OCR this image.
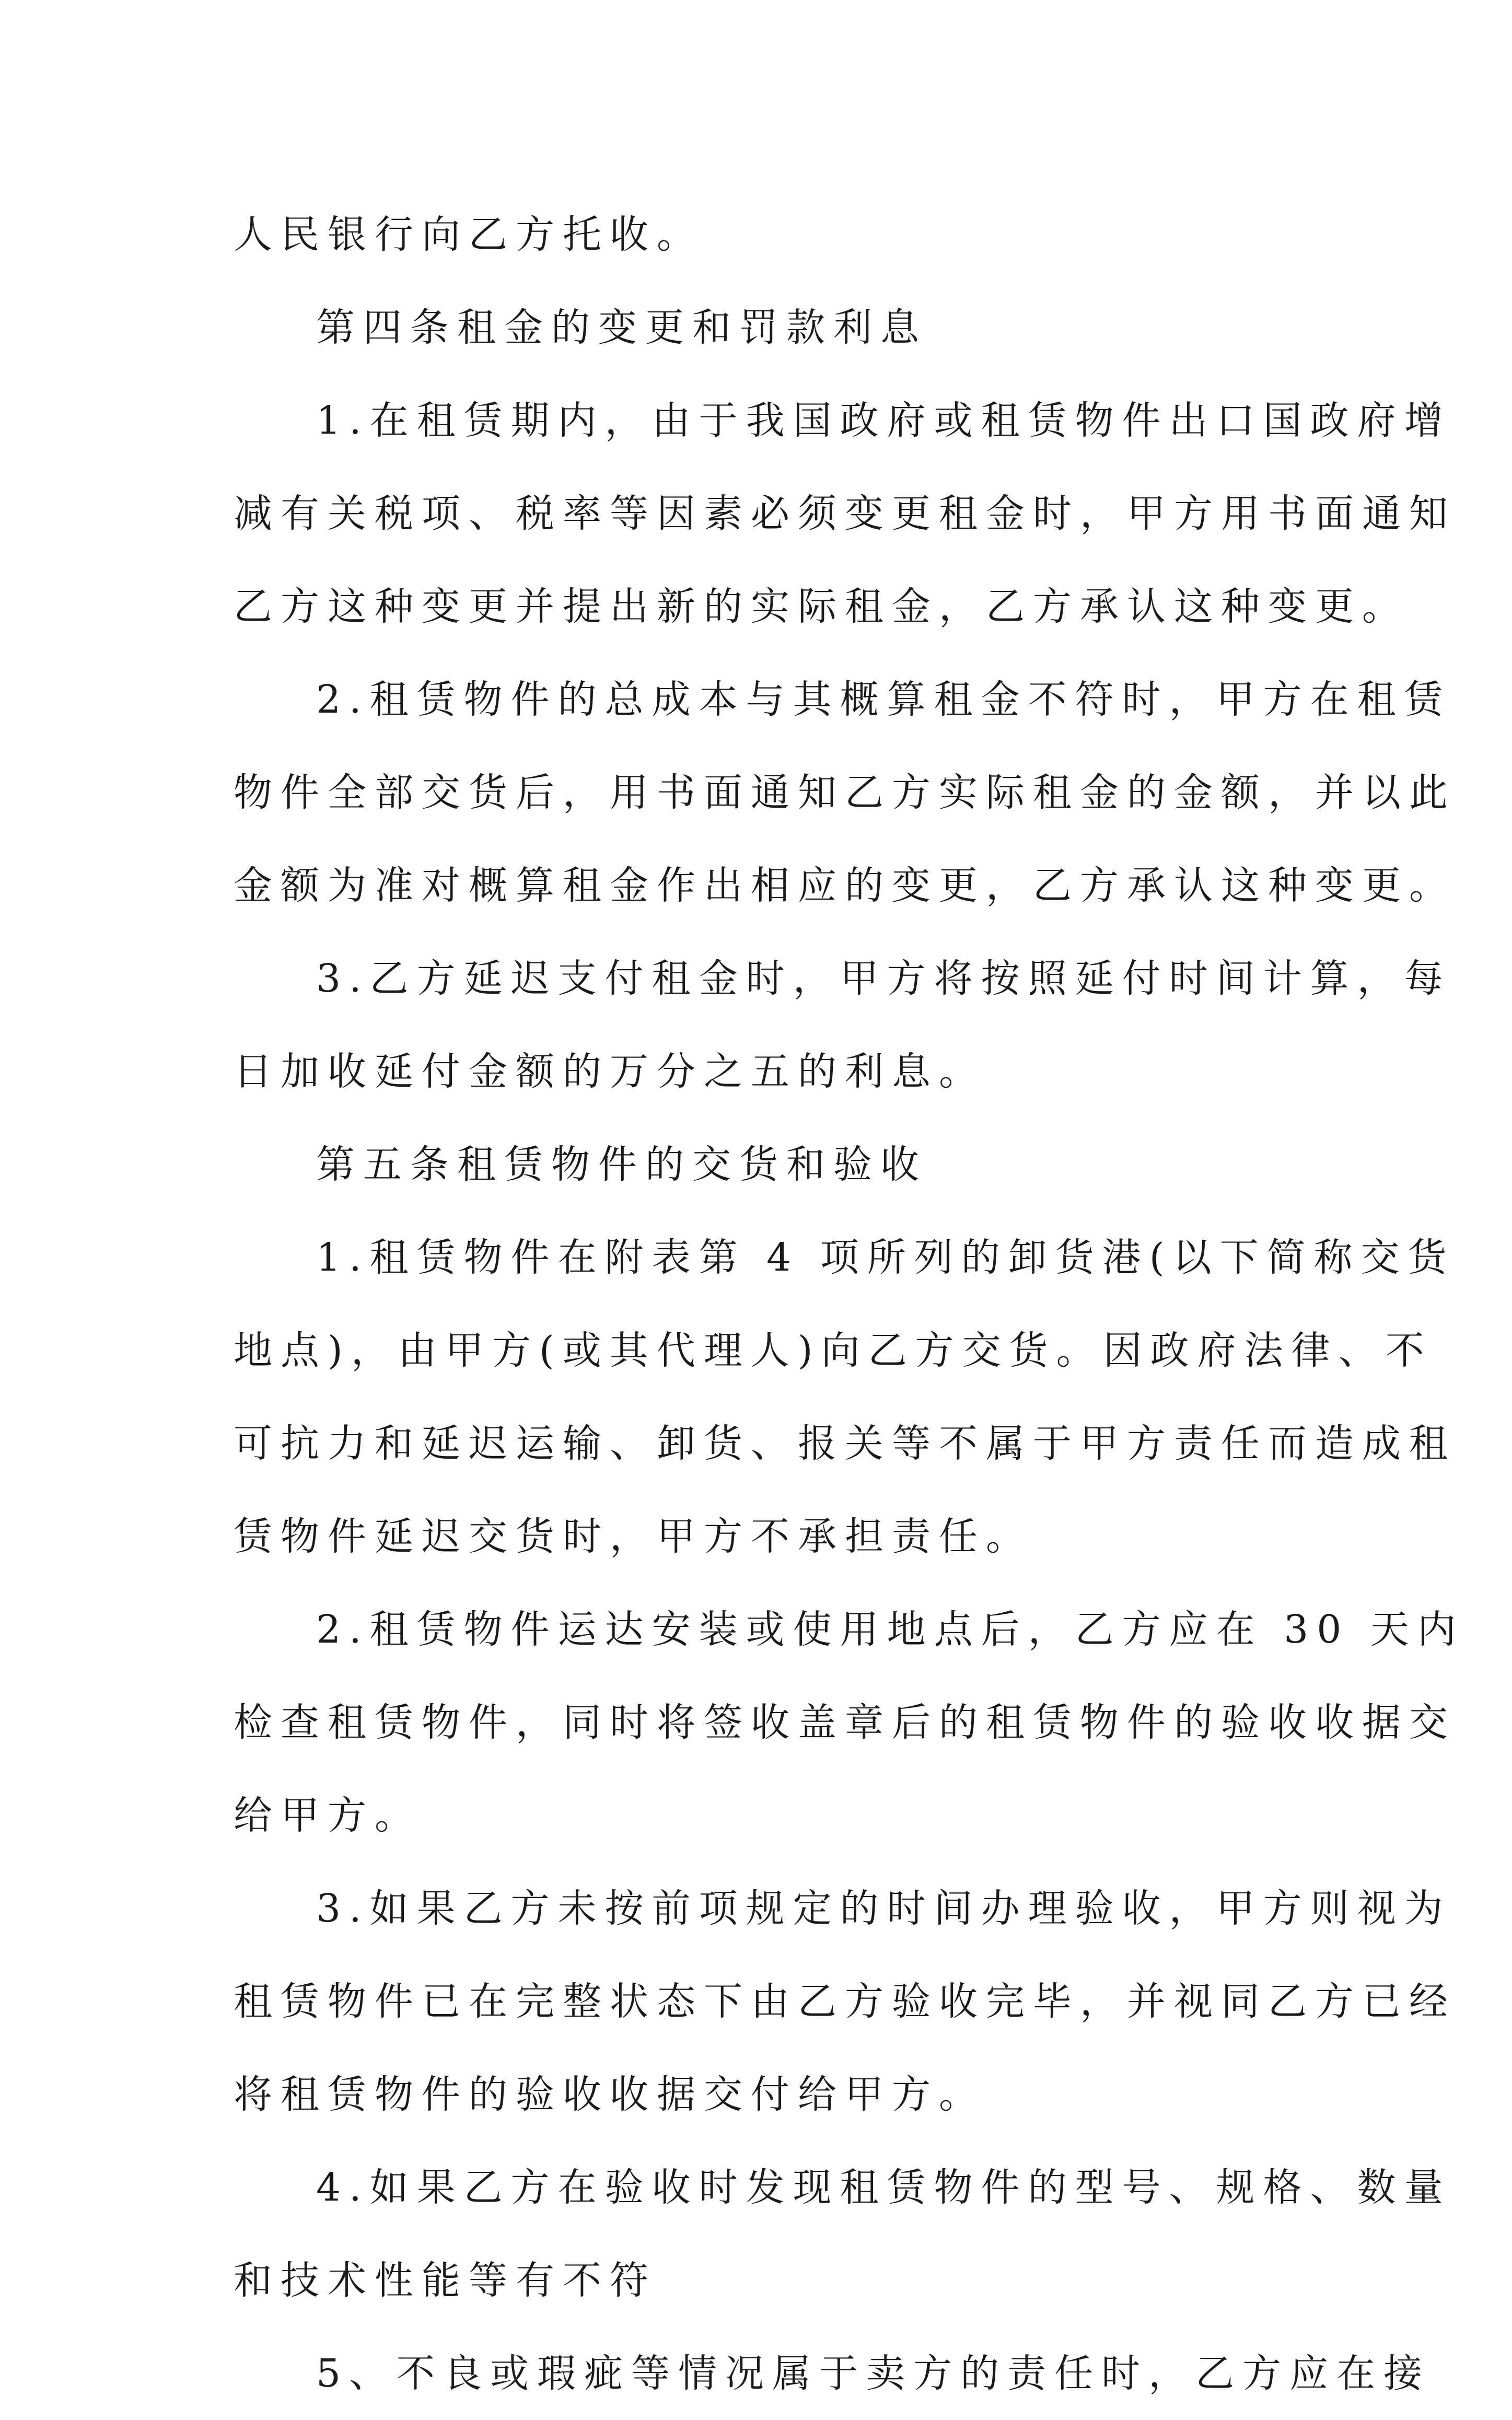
人民银行向乙方托收。
第四条租金的变更和罚款利息
1.在租赁期内，由于我国政府或租赁物件出口国政府增
减有关税项、税率等因素必须变更租金时，甲方用书面通知
乙方这种变更并提出新的实际租金，乙方承认这种变更。
2.租赁物件的总成本与其概算租金不符时，甲方在租赁
物件全部交货后，用书面通知乙方实际租金的金额，并以此
金额为准对概算租金作出相应的变更，乙方承认这种变更。
3.乙方延迟支付租金时，甲方将按照延付时间计算，每
日加收延付金额的万分之五的利息。
第五条租赁物件的交货和验收
1.租赁物件在附表第 4 项所列的卸货港(以下简称交货
地点)，由甲方(或其代理人)向乙方交货。因政府法律、不
可抗力和延迟运输、卸货、报关等不属于甲方责任而造成租
赁物件延迟交货时，甲方不承担责任。
2.租赁物件运达安装或使用地点后，乙方应在 30 天内
检查租赁物件，同时将签收盖章后的租赁物件的验收收据交
给甲方。
3.如果乙方未按前项规定的时间办理验收，甲方则视为
租赁物件已在完整状态下由乙方验收完毕，并视同乙方已经
将租赁物件的验收收据交付给甲方。
4.如果乙方在验收时发现租赁物件的型号、规格、数量
和技术性能等有不符
5、不良或瑕疵等情况属于卖方的责任时，乙方应在接
